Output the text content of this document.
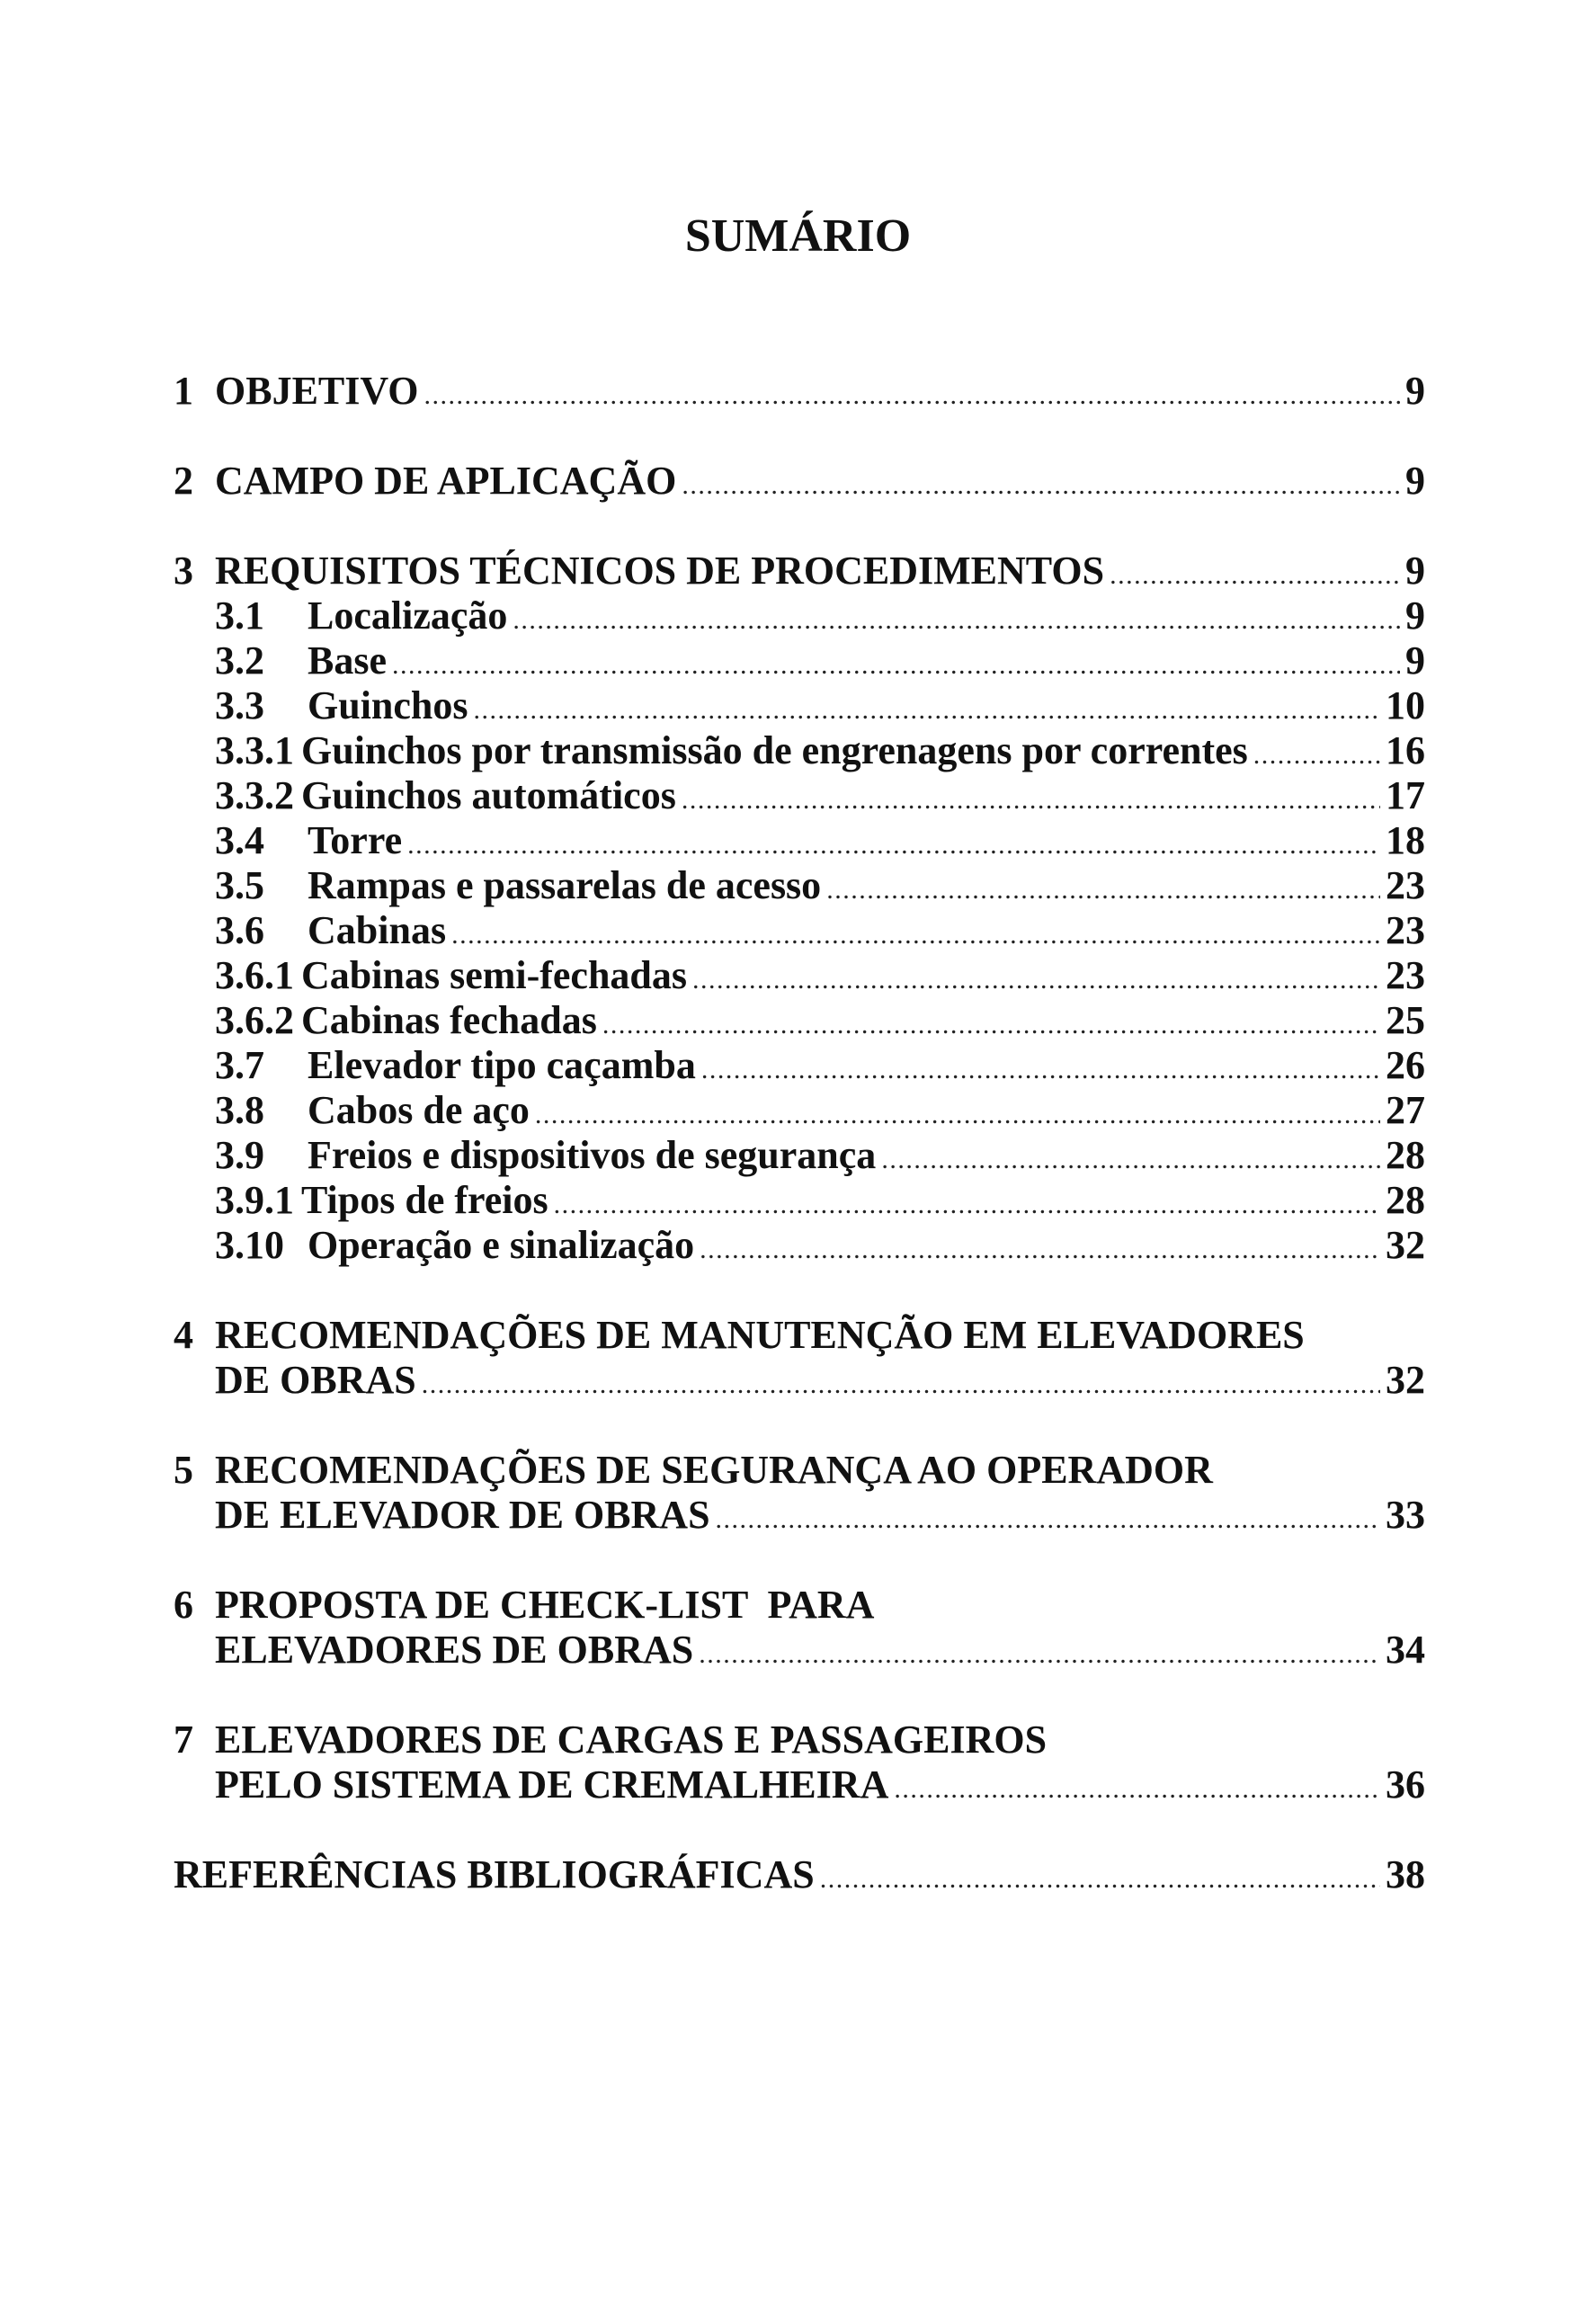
SUMÁRIO
1 OBJETIVO . . .	9
2 CAMPO DE APLICAÇÃO . . .	9
3 REQUISITOS TÉCNICOS DE PROCEDIMENTOS . . .	9
3.1	Localização . . .	9
3.2	Base . . .	9
3.3	Guinchos . . .	10
3.3.1 Guinchos por transmissão de engrenagens por correntes . . .	16
3.3.2 Guinchos automáticos . . .	17
3.4	Torre . . .	18
3.5	Rampas e passarelas de acesso . . .	23
3.6	Cabinas . . .	23
3.6.1 Cabinas semi-fechadas . . .	23
3.6.2 Cabinas fechadas . . .	25
3.7	Elevador tipo caçamba . . .	26
3.8	Cabos de aço . . .	27
3.9	Freios e dispositivos de segurança . . .	28
3.9.1 Tipos de freios . . .	28
3.10 Operação e sinalização . . .	32
4 RECOMENDAÇÕES DE MANUTENÇÃO EM ELEVADORES
DE OBRAS . . .	32
5 RECOMENDAÇÕES DE SEGURANÇA AO OPERADOR
DE ELEVADOR DE OBRAS . . .	33
6 PROPOSTA DE CHECK-LIST  PARA
ELEVADORES DE OBRAS . . .	34
7 ELEVADORES DE CARGAS E PASSAGEIROS
PELO SISTEMA DE CREMALHEIRA . . .	36
REFERÊNCIAS BIBLIOGRÁFICAS . . .	38
